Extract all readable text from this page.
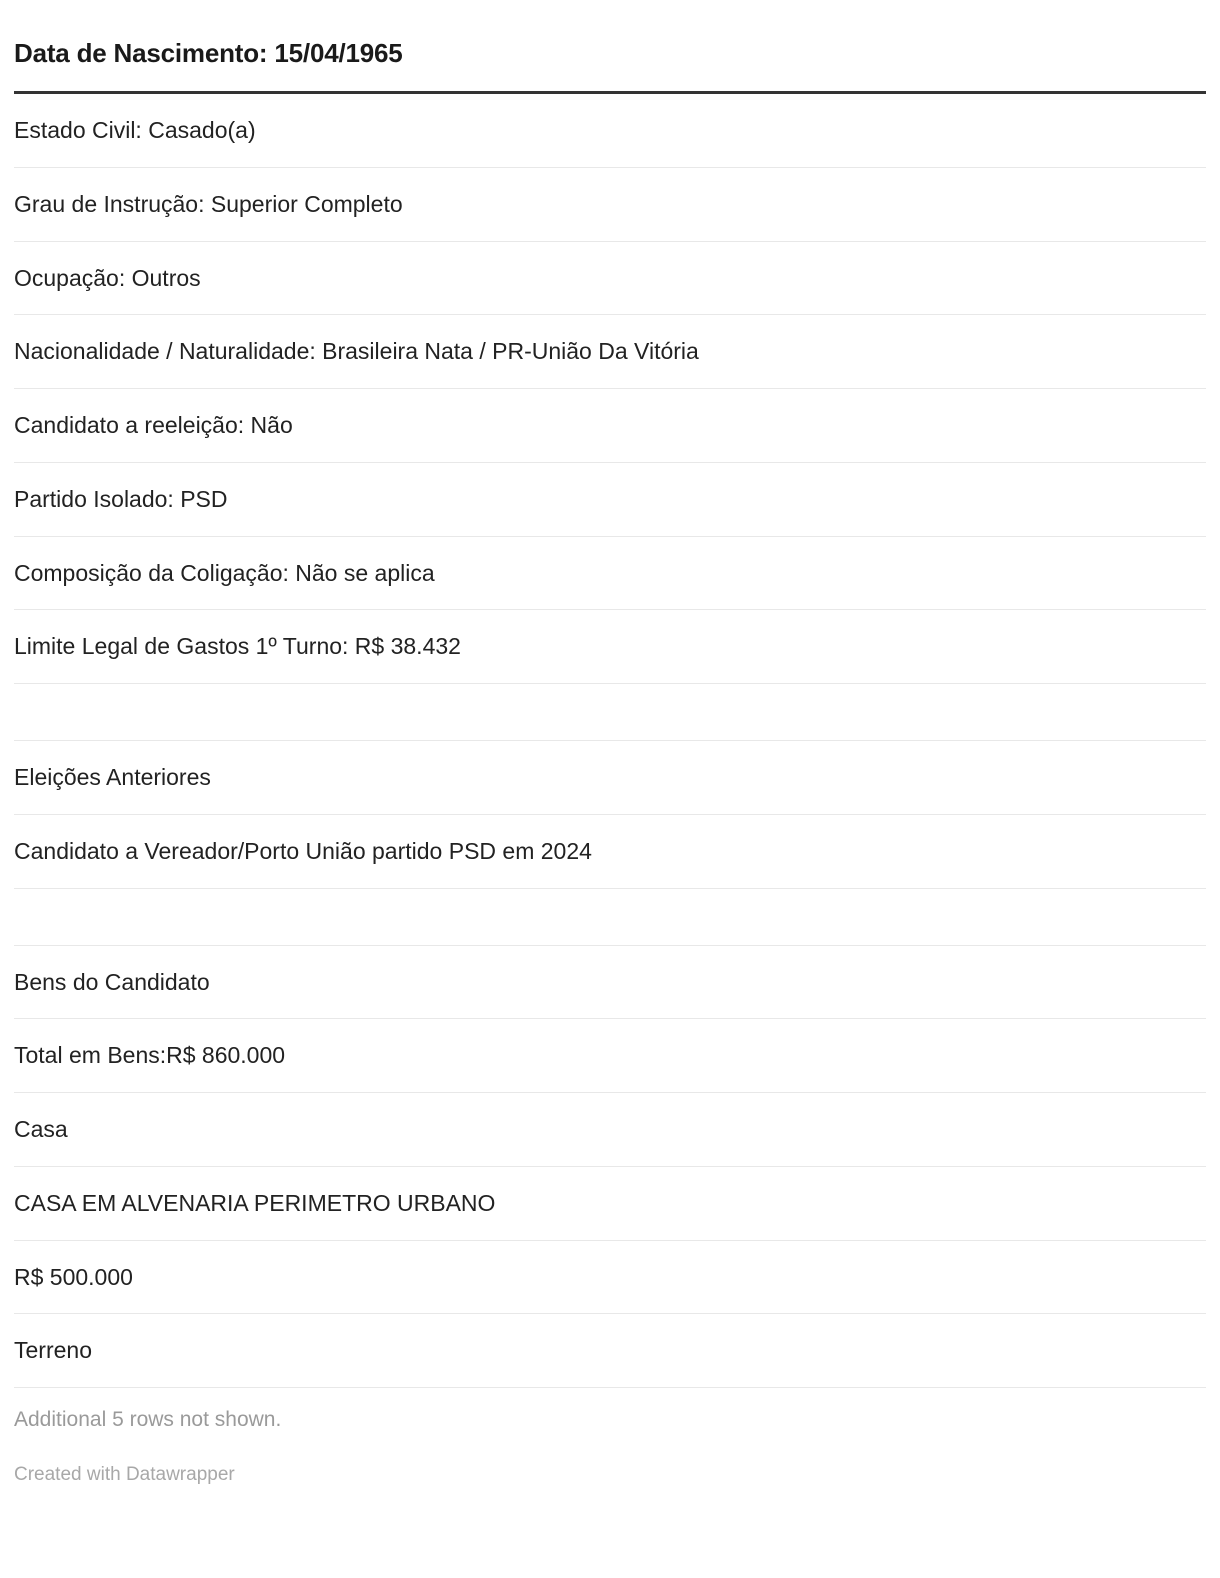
Data de Nascimento: 15/04/1965
Estado Civil: Casado(a)
Grau de Instrução: Superior Completo
Ocupação: Outros
Nacionalidade / Naturalidade: Brasileira Nata / PR-União Da Vitória
Candidato a reeleição: Não
Partido Isolado: PSD
Composição da Coligação: Não se aplica
Limite Legal de Gastos 1º Turno: R$ 38.432
Eleições Anteriores
Candidato a Vereador/Porto União partido PSD em 2024
Bens do Candidato
Total em Bens:R$ 860.000
Casa
CASA EM ALVENARIA PERIMETRO URBANO
R$ 500.000
Terreno
Additional 5 rows not shown.
Created with Datawrapper
